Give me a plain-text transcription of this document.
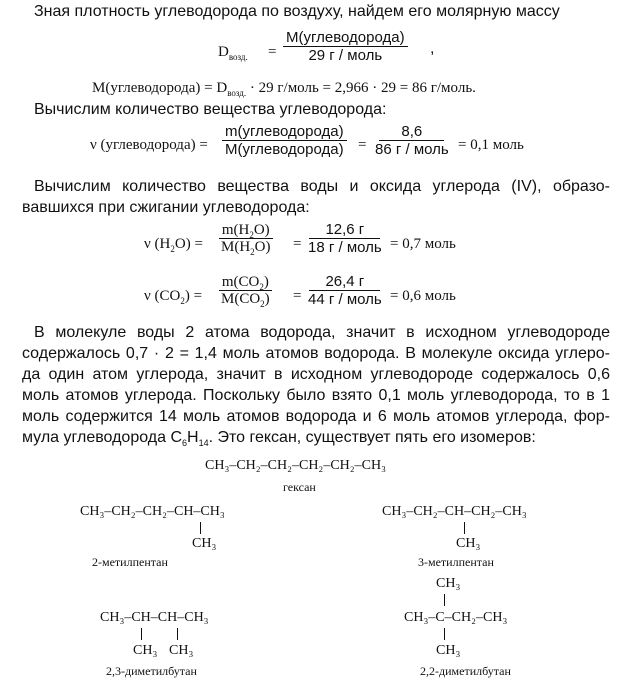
Зная плотность углеводорода по воздуху, найдем его молярную массу
$D_{возд.}$ =
M(углеводорода)
29 г / моль	,
M(углеводорода) = $D_{возд.} \cdot 29$ г/моль = 2,966 · 29 = 86 г/моль.
Вычислим количество вещества углеводорода:
ν (углеводорода) =
m(углеводорода)
M(углеводорода) =
8,6
86 г / моль = 0,1 моль
Вычислим количество вещества воды и оксида углерода (IV), образо-
вавшихся при сжигании углеводорода:
ν $(H_2O) = \frac{m(H_2O)}{M(H_2O)}$ =
12,6 г
18 г / моль = 0,7 моль
ν $(CO_2) = \frac{m(CO_2)}{M(CO_2)}$ =
26,4 г
44 г / моль = 0,6 моль
В молекуле воды 2 атома водорода, значит в исходном углеводороде
содержалось 0,7 · 2 = 1,4 моль атомов водорода. В молекуле оксида углеро-
да один атом углерода, значит в исходном углеводороде содержалось 0,6
моль атомов углерода. Поскольку было взято 0,1 моль углеводорода, то в 1
моль содержится 14 моль атомов водорода и 6 моль атомов углерода, фор-
мула углеводорода $C_6H_{14}$. Это гексан, существует пять его изомеров:
CH₃–CH₂–CH₂–CH₂–CH₂–CH₃
гексан
CH₃–CH₂–CH₂–CH–CH₃
CH₃
2-метилпентан
CH₃–CH₂–CH–CH₂–CH₃
CH₃
3-метилпентан
CH₃–CH–CH–CH₃
CH₃ CH₃
2,3-диметилбутан
CH₃
CH₃–C–CH₂–CH₃
CH₃
2,2-диметилбутан
